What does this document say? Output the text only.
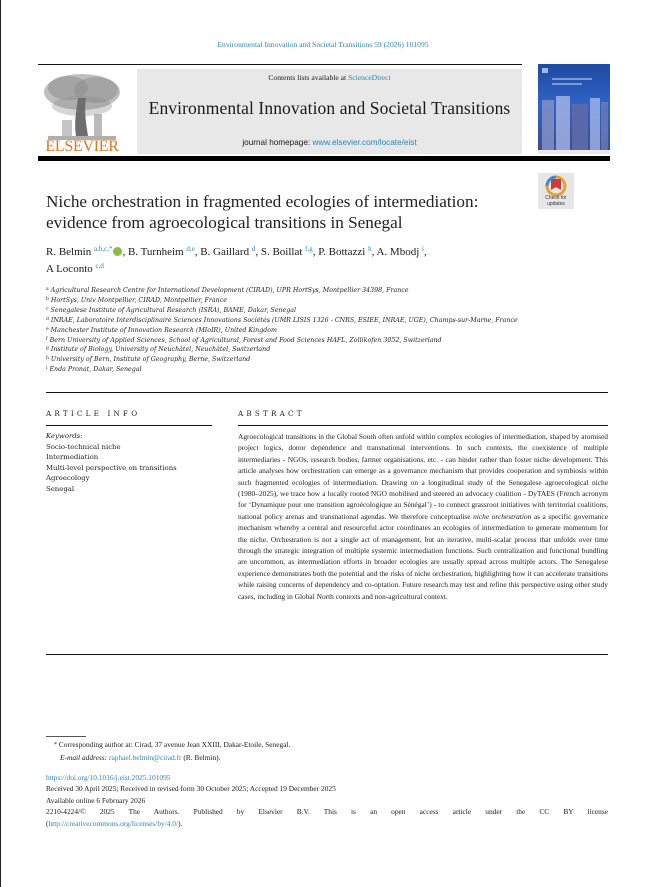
Environmental Innovation and Societal Transitions 59 (2026) 101095
ELSEVIER
Contents lists available at ScienceDirect
Environmental Innovation and Societal Transitions
journal homepage: www.elsevier.com/locate/eist
Niche orchestration in fragmented ecologies of intermediation:
evidence from agroecological transitions in Senegal
Check for
updates
R. Belmin $^{a,b,c,*}$ , B. Turnheim $^{d,e}$, B. Gaillard $^d$, S. Boillat $^{f,g}$, P. Bottazzi $^h$, A. Mbodj $^i$,
A Loconto $^{c,d}$
$^a$ Agricultural Research Centre for International Development (CIRAD), UPR HortSys, Montpellier 34398, France
$^b$ HortSys, Univ Montpellier, CIRAD, Montpellier, France
$^c$ Senegalese Institute of Agricultural Research (ISRA), BAME, Dakar, Senegal
$^d$ INRAE, Laboratoire Interdisciplinaire Sciences Innovations Sociétés (UMR LISIS 1326 - CNRS, ESIEE, INRAE, UGE), Champs-sur-Marne, France
$^e$ Manchester Institute of Innovation Research (MIoIR), United Kingdom
$^f$ Bern University of Applied Sciences, School of Agricultural, Forest and Food Sciences HAFL, Zollikofen 3052, Switzerland
$^g$ Institute of Biology, University of Neuchâtel, Neuchâtel, Switzerland
$^h$ University of Bern, Institute of Geography, Berne, Switzerland
$^i$ Enda Pronat, Dakar, Senegal
ARTICLE INFO	ABSTRACT
Keywords:
Socio-technical niche
Intermediation
Multi-level perspective on transitions
Agroecology
Senegal
Agroecological transitions in the Global South often unfold within complex ecologies of intermediation, shaped by atomised project logics, donor dependence and transnational interventions. In such contexts, the coexistence of multiple intermediaries - NGOs, research bodies, farmer organisations, etc. - can hinder rather than foster niche development. This article analyses how orchestration can emerge as a governance mechanism that provides cooperation and symbiosis within such fragmented ecologies of intermediation. Drawing on a longitudinal study of the Senegalese agroecological niche (1980–2025), we trace how a locally rooted NGO mobilised and steered an advocacy coalition - DyTAES (French acronym for ‘Dynamique pour une transition agroécologique au Sénégal’) - to connect grassroot initiatives with territorial coalitions, national policy arenas and transnational agendas. We therefore conceptualise niche orchestration as a specific governance mechanism whereby a central and resourceful actor coordinates an ecologies of intermediation to generate momentum for the niche. Orchestration is not a single act of management, but an iterative, multi-scalar process that unfolds over time through the strategic integration of multiple systemic intermediation functions. Such centralization and functional bundling are uncommon, as intermediation efforts in broader ecologies are usually spread across multiple actors. The Senegalese experience demonstrates both the potential and the risks of niche orchestration, highlighting how it can accelerate transitions while raising concerns of dependency and co-optation. Future research may test and refine this perspective using other study cases, including in Global North contexts and non-agricultural context.
* Corresponding author at: Cirad, 37 avenue Jean XXIII, Dakar-Etoile, Senegal.
E-mail address: raphael.belmin@cirad.fr (R. Belmin).
https://doi.org/10.1016/j.eist.2025.101095
Received 30 April 2025; Received in revised form 30 October 2025; Accepted 19 December 2025
Available online 6 February 2026
2210-4224/© 2025 The Authors. Published by Elsevier B.V. This is an open access article under the CC BY license
(http://creativecommons.org/licenses/by/4.0/).
